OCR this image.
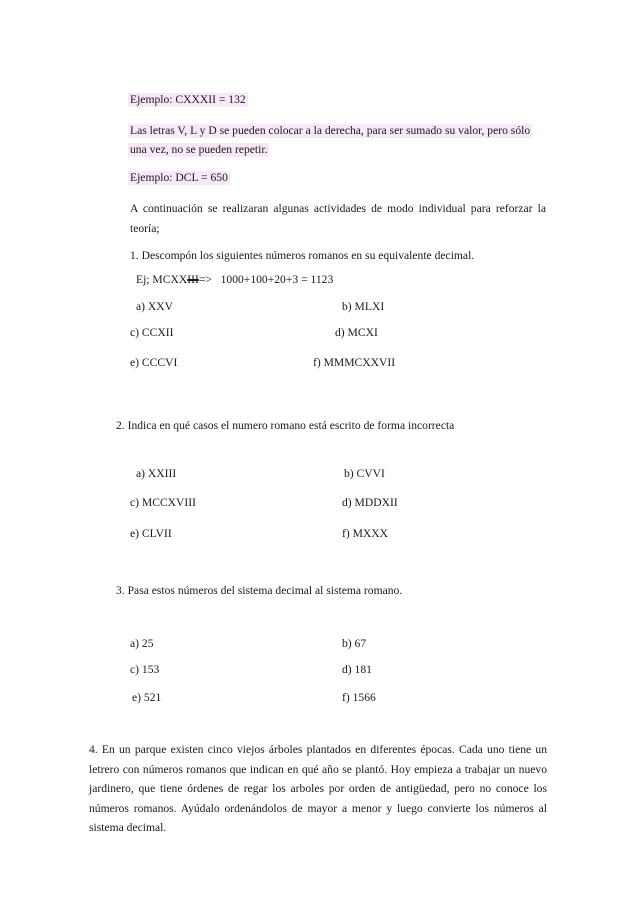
Ejemplo: CXXXII = 132
Las letras V, L y D se pueden colocar a la derecha, para ser sumado su valor, pero sólo
una vez, no se pueden repetir.
Ejemplo: DCL = 650
A continuación se realizaran algunas actividades de modo individual para reforzar la teoría;
1. Descompón los siguientes números romanos en su equivalente decimal.
Ej; MCXXIII=> 1000+100+20+3 = 1123
a) XXV	b) MLXI
c) CCXII	d) MCXI
e) CCCVI	f) MMMCXXVII
2. Indica en qué casos el numero romano está escrito de forma incorrecta
a) XXIII	b) CVVI
c) MCCXVIII	d) MDDXII
e) CLVII	f) MXXX
3. Pasa estos números del sistema decimal al sistema romano.
a) 25	b) 67
c) 153	d) 181
e) 521	f) 1566
4. En un parque existen cinco viejos árboles plantados en diferentes épocas. Cada uno tiene un letrero con números romanos que indican en qué año se plantó. Hoy empieza a trabajar un nuevo jardinero, que tiene órdenes de regar los arboles por orden de antigüedad, pero no conoce los números romanos. Ayúdalo ordenándolos de mayor a menor y luego convierte los números al sistema decimal.
